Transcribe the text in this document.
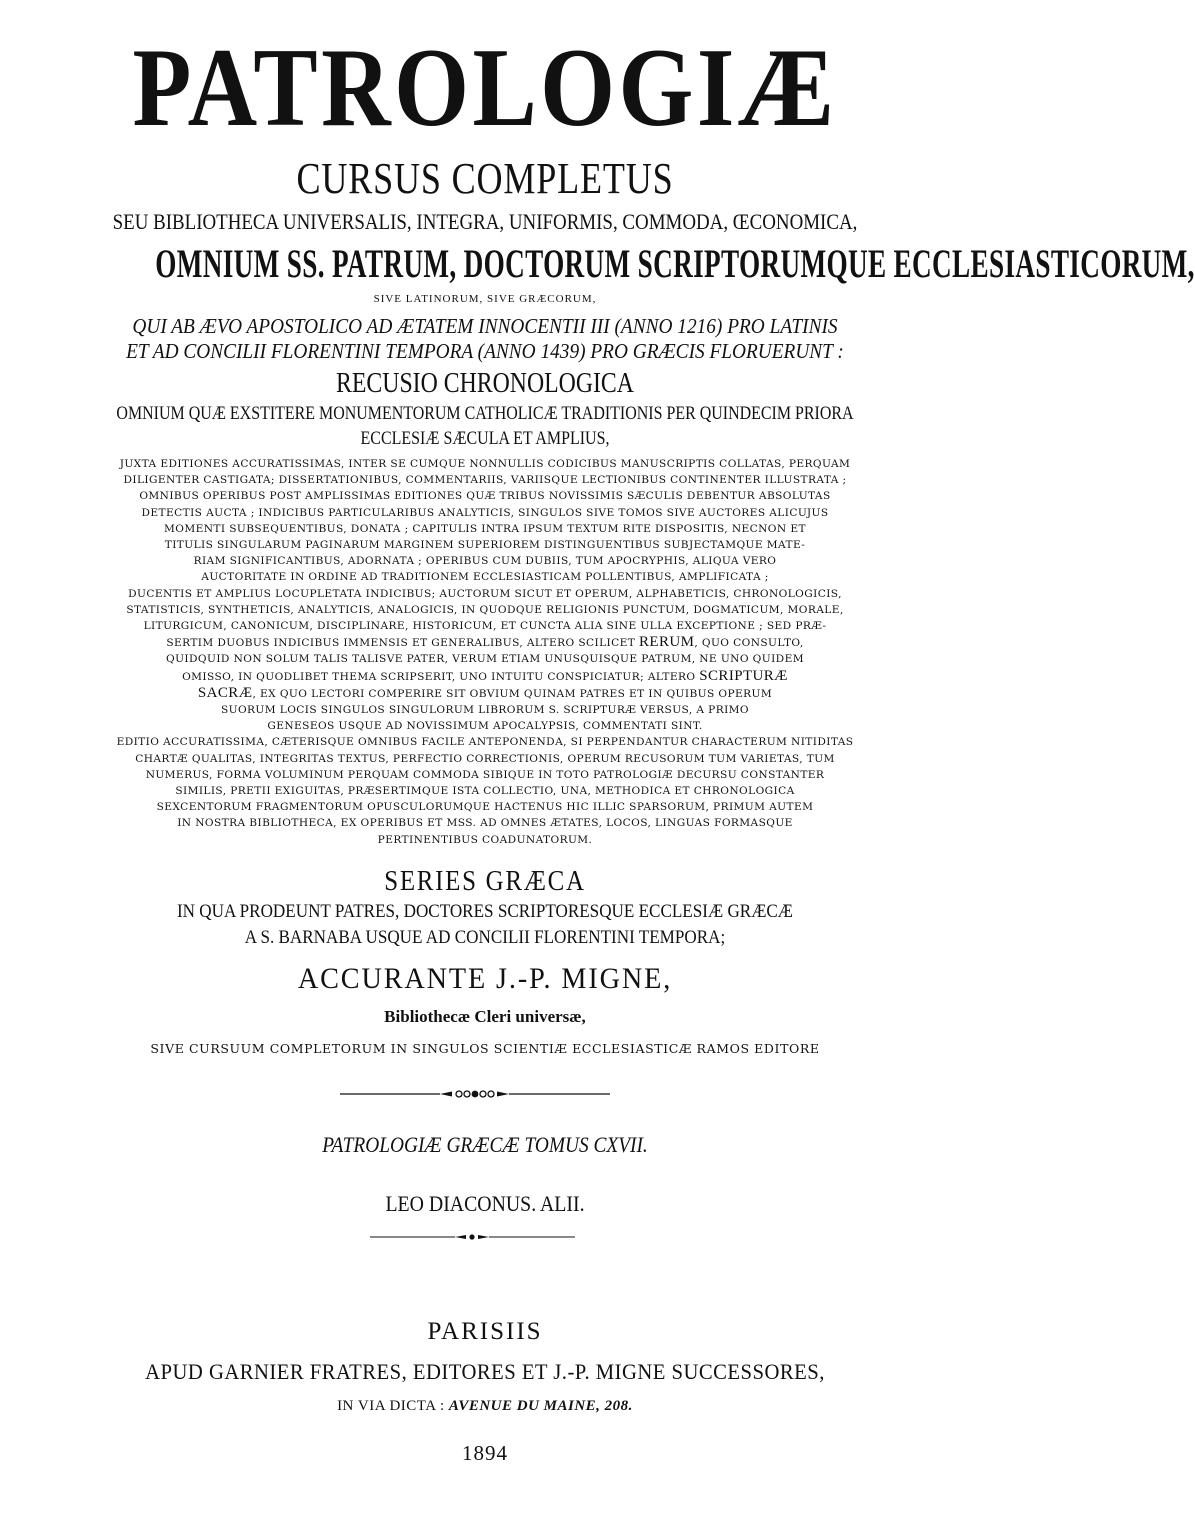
PATROLOGIÆ
CURSUS COMPLETUS
SEU BIBLIOTHECA UNIVERSALIS, INTEGRA, UNIFORMIS, COMMODA, ŒCONOMICA,
OMNIUM SS. PATRUM, DOCTORUM SCRIPTORUMQUE ECCLESIASTICORUM,
SIVE LATINORUM, SIVE GRÆCORUM,
QUI AB ÆVO APOSTOLICO AD ÆTATEM INNOCENTII III (ANNO 1216) PRO LATINIS
ET AD CONCILII FLORENTINI TEMPORA (ANNO 1439) PRO GRÆCIS FLORUERUNT :
RECUSIO CHRONOLOGICA
OMNIUM QUÆ EXSTITERE MONUMENTORUM CATHOLICÆ TRADITIONIS PER QUINDECIM PRIORA
ECCLESIÆ SÆCULA ET AMPLIUS,
JUXTA EDITIONES ACCURATISSIMAS, INTER SE CUMQUE NONNULLIS CODICIBUS MANUSCRIPTIS COLLATAS, PERQUAM
DILIGENTER CASTIGATA; DISSERTATIONIBUS, COMMENTARIIS, VARIISQUE LECTIONIBUS CONTINENTER ILLUSTRATA ;
OMNIBUS OPERIBUS POST AMPLISSIMAS EDITIONES QUÆ TRIBUS NOVISSIMIS SÆCULIS DEBENTUR ABSOLUTAS
DETECTIS AUCTA ; INDICIBUS PARTICULARIBUS ANALYTICIS, SINGULOS SIVE TOMOS SIVE AUCTORES ALICUJUS
MOMENTI SUBSEQUENTIBUS, DONATA ; CAPITULIS INTRA IPSUM TEXTUM RITE DISPOSITIS, NECNON ET
TITULIS SINGULARUM PAGINARUM MARGINEM SUPERIOREM DISTINGUENTIBUS SUBJECTAMQUE MATE-
RIAM SIGNIFICANTIBUS, ADORNATA ; OPERIBUS CUM DUBIIS, TUM APOCRYPHIS, ALIQUA VERO
AUCTORITATE IN ORDINE AD TRADITIONEM ECCLESIASTICAM POLLENTIBUS, AMPLIFICATA ;
DUCENTIS ET AMPLIUS LOCUPLETATA INDICIBUS; AUCTORUM SICUT ET OPERUM, ALPHABETICIS, CHRONOLOGICIS,
STATISTICIS, SYNTHETICIS, ANALYTICIS, ANALOGICIS, IN QUODQUE RELIGIONIS PUNCTUM, DOGMATICUM, MORALE,
LITURGICUM, CANONICUM, DISCIPLINARE, HISTORICUM, ET CUNCTA ALIA SINE ULLA EXCEPTIONE ; SED PRÆ-
SERTIM DUOBUS INDICIBUS IMMENSIS ET GENERALIBUS, ALTERO SCILICET RERUM, QUO CONSULTO,
QUIDQUID NON SOLUM TALIS TALISVE PATER, VERUM ETIAM UNUSQUISQUE PATRUM, NE UNO QUIDEM
OMISSO, IN QUODLIBET THEMA SCRIPSERIT, UNO INTUITU CONSPICIATUR; ALTERO SCRIPTURÆ
SACRÆ, EX QUO LECTORI COMPERIRE SIT OBVIUM QUINAM PATRES ET IN QUIBUS OPERUM
SUORUM LOCIS SINGULOS SINGULORUM LIBRORUM S. SCRIPTURÆ VERSUS, A PRIMO
GENESEOS USQUE AD NOVISSIMUM APOCALYPSIS, COMMENTATI SINT.
EDITIO ACCURATISSIMA, CÆTERISQUE OMNIBUS FACILE ANTEPONENDA, SI PERPENDANTUR CHARACTERUM NITIDITAS
CHARTÆ QUALITAS, INTEGRITAS TEXTUS, PERFECTIO CORRECTIONIS, OPERUM RECUSORUM TUM VARIETAS, TUM
NUMERUS, FORMA VOLUMINUM PERQUAM COMMODA SIBIQUE IN TOTO PATROLOGIÆ DECURSU CONSTANTER
SIMILIS, PRETII EXIGUITAS, PRÆSERTIMQUE ISTA COLLECTIO, UNA, METHODICA ET CHRONOLOGICA
SEXCENTORUM FRAGMENTORUM OPUSCULORUMQUE HACTENUS HIC ILLIC SPARSORUM, PRIMUM AUTEM
IN NOSTRA BIBLIOTHECA, EX OPERIBUS ET MSS. AD OMNES ÆTATES, LOCOS, LINGUAS FORMASQUE
PERTINENTIBUS COADUNATORUM.
SERIES GRÆCA
IN QUA PRODEUNT PATRES, DOCTORES SCRIPTORESQUE ECCLESIÆ GRÆCÆ
A S. BARNABA USQUE AD CONCILII FLORENTINI TEMPORA;
ACCURANTE J.-P. MIGNE,
Bibliothecæ Cleri universæ,
SIVE CURSUUM COMPLETORUM IN SINGULOS SCIENTIÆ ECCLESIASTICÆ RAMOS EDITORE
PATROLOGIÆ GRÆCÆ TOMUS CXVII.
LEO DIACONUS. ALII.
PARISIIS
APUD GARNIER FRATRES, EDITORES ET J.-P. MIGNE SUCCESSORES,
IN VIA DICTA : AVENUE DU MAINE, 208.
1894
